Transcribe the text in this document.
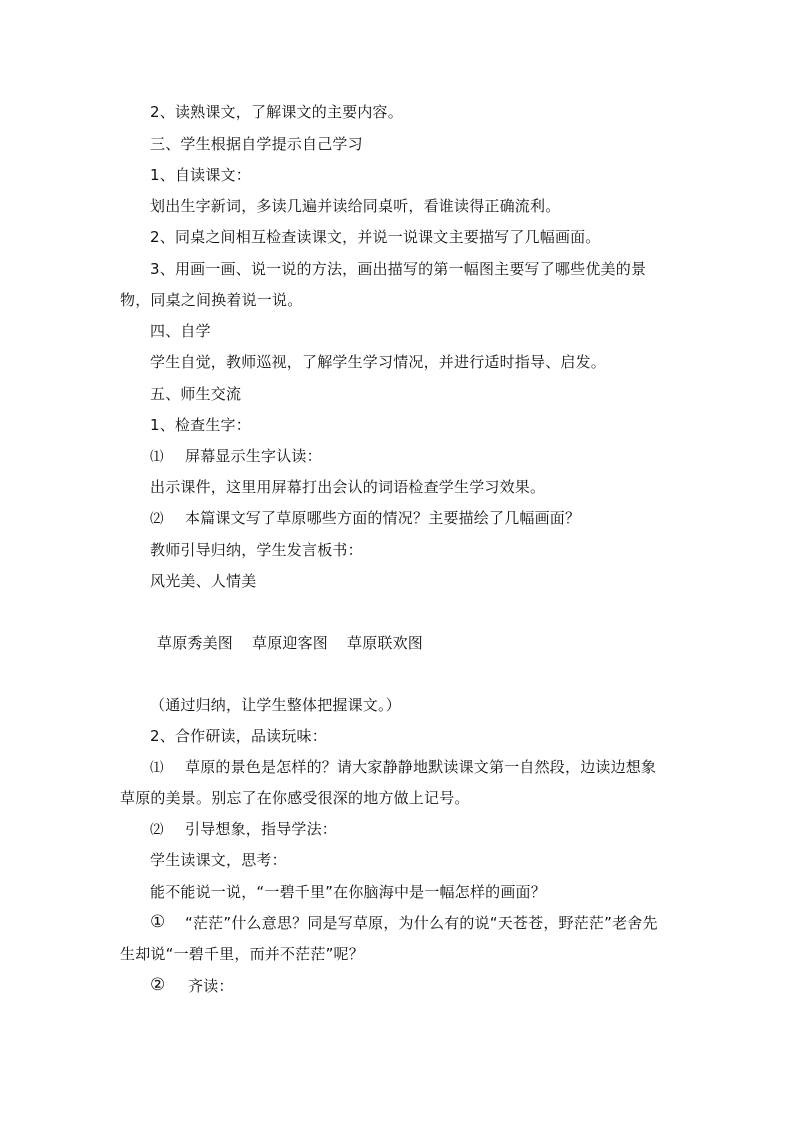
2、读熟课文，了解课文的主要内容。
三、学生根据自学提示自己学习
1、自读课文：
划出生字新词，多读几遍并读给同桌听，看谁读得正确流利。
2、同桌之间相互检查读课文，并说一说课文主要描写了几幅画面。
3、用画一画、说一说的方法，画出描写的第一幅图主要写了哪些优美的景
物，同桌之间换着说一说。
四、自学
学生自觉，教师巡视，了解学生学习情况，并进行适时指导、启发。
五、师生交流
1、检查生字：
⑴ 屏幕显示生字认读：
出示课件，这里用屏幕打出会认的词语检查学生学习效果。
⑵ 本篇课文写了草原哪些方面的情况？主要描绘了几幅画面？
教师引导归纳，学生发言板书：
风光美、人情美
草原秀美图 草原迎客图 草原联欢图
（通过归纳，让学生整体把握课文。）
2、合作研读，品读玩味：
⑴ 草原的景色是怎样的？请大家静静地默读课文第一自然段，边读边想象
草原的美景。别忘了在你感受很深的地方做上记号。
⑵ 引导想象，指导学法：
学生读课文，思考：
能不能说一说，“一碧千里”在你脑海中是一幅怎样的画面？
① “茫茫”什么意思？同是写草原，为什么有的说“天苍苍，野茫茫”老舍先
生却说“一碧千里，而并不茫茫”呢？
② 齐读：
